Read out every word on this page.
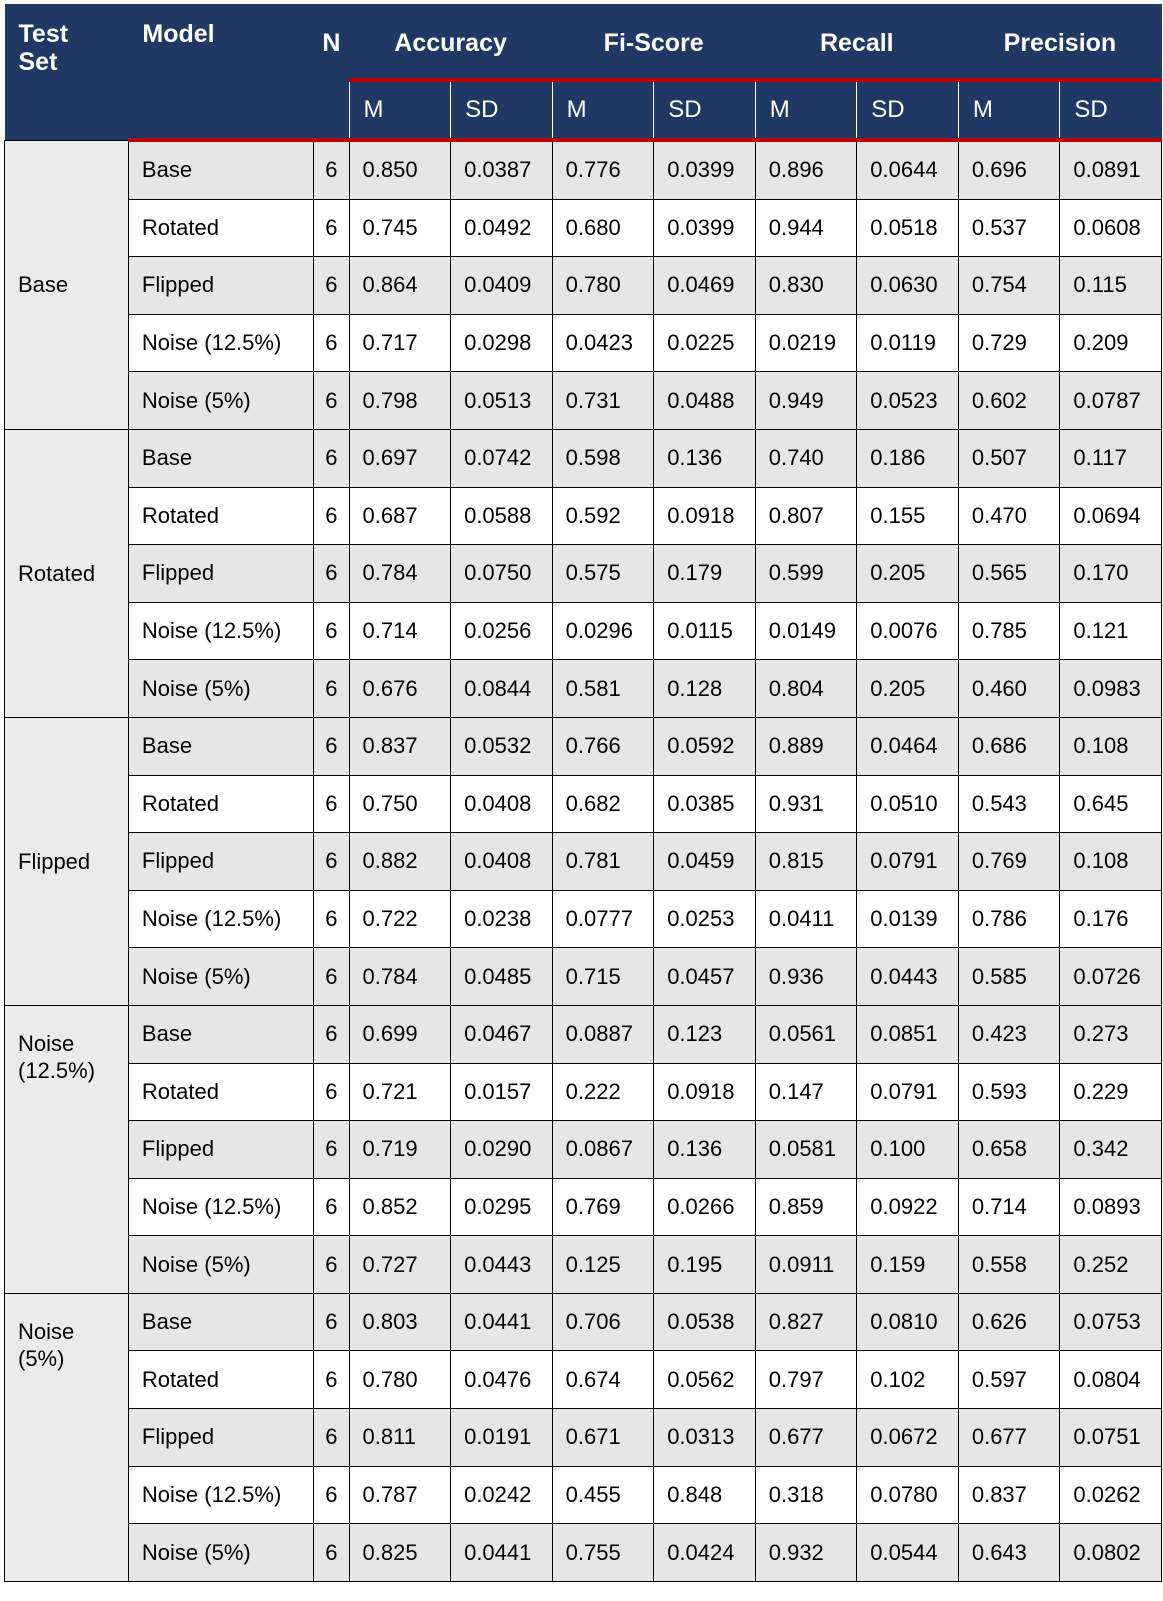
Test Set	Model	N	Accuracy		Fi-Score		Recall		Precision	
			M	SD	M	SD	M	SD	M	SD

Base	Base	6	0.850	0.0387	0.776	0.0399	0.896	0.0644	0.696	0.0891
	Rotated	6	0.745	0.0492	0.680	0.0399	0.944	0.0518	0.537	0.0608
	Flipped	6	0.864	0.0409	0.780	0.0469	0.830	0.0630	0.754	0.115
	Noise (12.5%)	6	0.717	0.0298	0.0423	0.0225	0.0219	0.0119	0.729	0.209
	Noise (5%)	6	0.798	0.0513	0.731	0.0488	0.949	0.0523	0.602	0.0787

Rotated	Base	6	0.697	0.0742	0.598	0.136	0.740	0.186	0.507	0.117
	Rotated	6	0.687	0.0588	0.592	0.0918	0.807	0.155	0.470	0.0694
	Flipped	6	0.784	0.0750	0.575	0.179	0.599	0.205	0.565	0.170
	Noise (12.5%)	6	0.714	0.0256	0.0296	0.0115	0.0149	0.0076	0.785	0.121
	Noise (5%)	6	0.676	0.0844	0.581	0.128	0.804	0.205	0.460	0.0983

Flipped	Base	6	0.837	0.0532	0.766	0.0592	0.889	0.0464	0.686	0.108
	Rotated	6	0.750	0.0408	0.682	0.0385	0.931	0.0510	0.543	0.645
	Flipped	6	0.882	0.0408	0.781	0.0459	0.815	0.0791	0.769	0.108
	Noise (12.5%)	6	0.722	0.0238	0.0777	0.0253	0.0411	0.0139	0.786	0.176
	Noise (5%)	6	0.784	0.0485	0.715	0.0457	0.936	0.0443	0.585	0.0726

Noise (12.5%)	Base	6	0.699	0.0467	0.0887	0.123	0.0561	0.0851	0.423	0.273
	Rotated	6	0.721	0.0157	0.222	0.0918	0.147	0.0791	0.593	0.229
	Flipped	6	0.719	0.0290	0.0867	0.136	0.0581	0.100	0.658	0.342
	Noise (12.5%)	6	0.852	0.0295	0.769	0.0266	0.859	0.0922	0.714	0.0893
	Noise (5%)	6	0.727	0.0443	0.125	0.195	0.0911	0.159	0.558	0.252

Noise (5%)	Base	6	0.803	0.0441	0.706	0.0538	0.827	0.0810	0.626	0.0753
	Rotated	6	0.780	0.0476	0.674	0.0562	0.797	0.102	0.597	0.0804
	Flipped	6	0.811	0.0191	0.671	0.0313	0.677	0.0672	0.677	0.0751
	Noise (12.5%)	6	0.787	0.0242	0.455	0.848	0.318	0.0780	0.837	0.0262
	Noise (5%)	6	0.825	0.0441	0.755	0.0424	0.932	0.0544	0.643	0.0802
